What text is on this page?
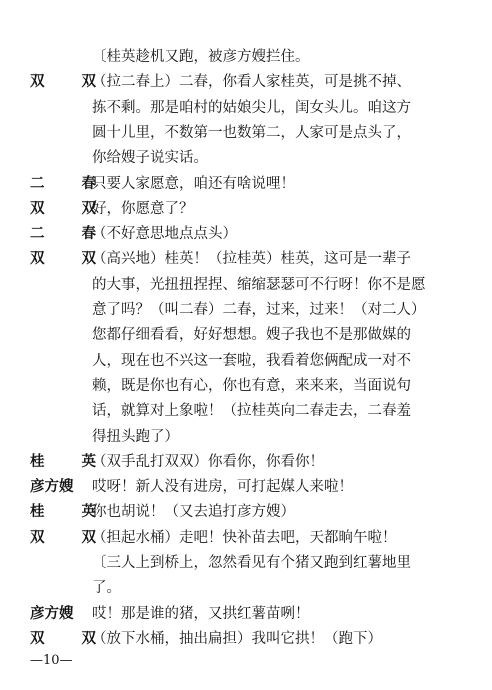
〔桂英趁机又跑，被彦方嫂拦住。
双 双
（拉二春上）二春，你看人家桂英，可是挑不掉、
拣不剩。那是咱村的姑娘尖儿，闺女头儿。咱这方
圆十儿里，不数第一也数第二，人家可是点头了，
你给嫂子说实话。
二 春
只要人家愿意，咱还有啥说哩！
双 双
好，你愿意了？
二 春
（不好意思地点点头）
双 双
（高兴地）桂英！（拉桂英）桂英，这可是一辈子
的大事，光扭扭捏捏、缩缩瑟瑟可不行呀！你不是愿
意了吗？（叫二春）二春，过来，过来！（对二人）
您都仔细看看，好好想想。嫂子我也不是那做媒的
人，现在也不兴这一套啦，我看着您俩配成一对不
赖，既是你也有心，你也有意，来来来，当面说句
话，就算对上象啦！（拉桂英向二春走去，二春羞
得扭头跑了）
桂 英
（双手乱打双双）你看你，你看你！
彦方嫂	哎呀！新人没有进房，可打起媒人来啦！
桂 英
你也胡说！（又去追打彦方嫂）
双 双
（担起水桶）走吧！快补苗去吧，天都晌午啦！
〔三人上到桥上，忽然看见有个猪又跑到红薯地里
了。
彦方嫂	哎！那是谁的猪，又拱红薯苗咧！
双 双
（放下水桶，抽出扁担）我叫它拱！（跑下）
—10—
